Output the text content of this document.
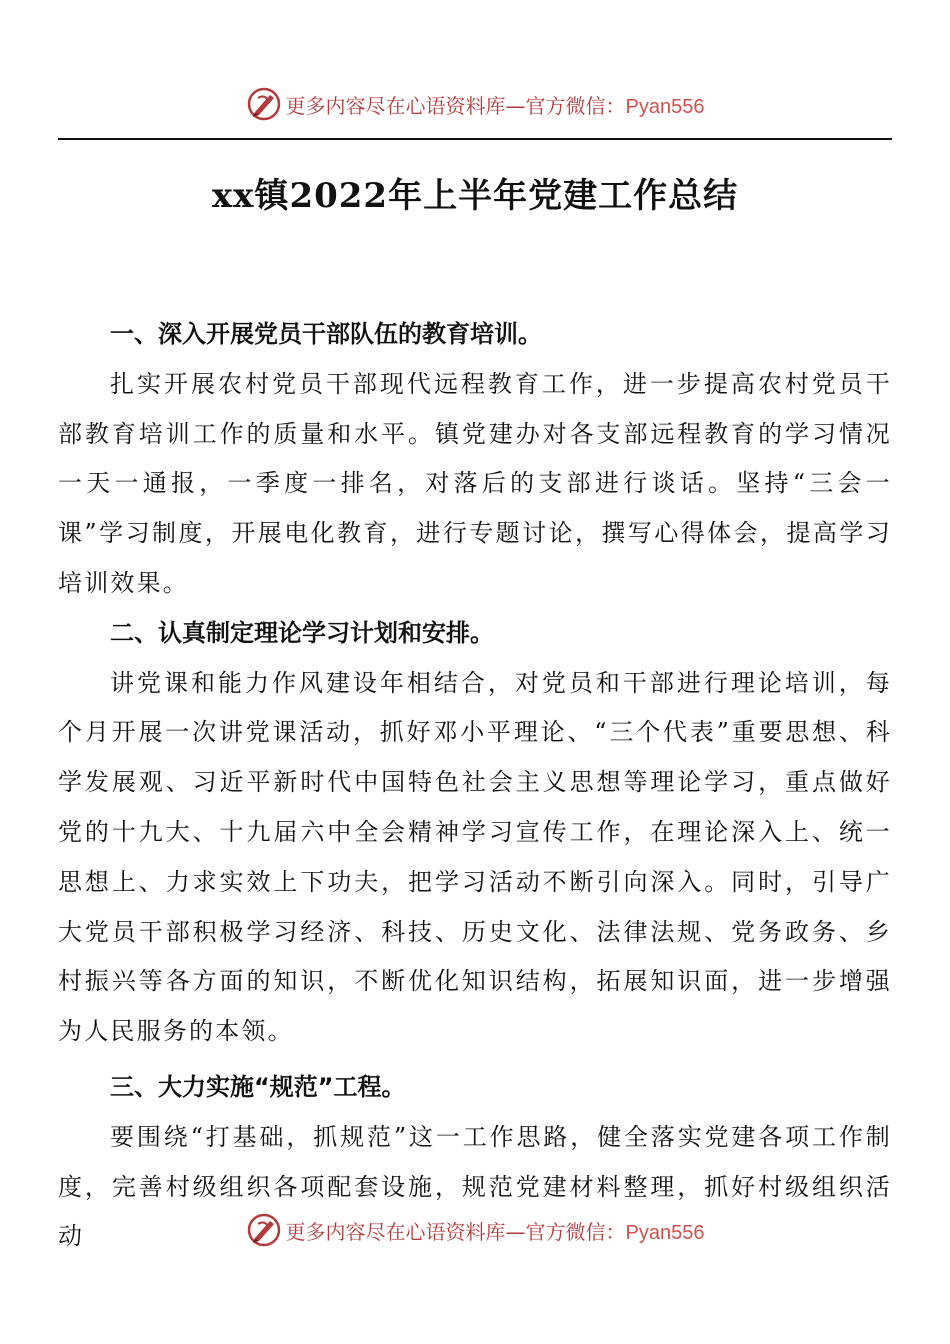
更多内容尽在心语资料库—官方微信：Pyan556
xx镇2022年上半年党建工作总结

一、深入开展党员干部队伍的教育培训。

扎实开展农村党员干部现代远程教育工作，进一步提高农村党员干部教育培训工作的质量和水平。镇党建办对各支部远程教育的学习情况一天一通报，一季度一排名，对落后的支部进行谈话。坚持“三会一课”学习制度，开展电化教育，进行专题讨论，撰写心得体会，提高学习培训效果。

二、认真制定理论学习计划和安排。

讲党课和能力作风建设年相结合，对党员和干部进行理论培训，每个月开展一次讲党课活动，抓好邓小平理论、“三个代表”重要思想、科学发展观、习近平新时代中国特色社会主义思想等理论学习，重点做好党的十九大、十九届六中全会精神学习宣传工作，在理论深入上、统一思想上、力求实效上下功夫，把学习活动不断引向深入。同时，引导广大党员干部积极学习经济、科技、历史文化、法律法规、党务政务、乡村振兴等各方面的知识，不断优化知识结构，拓展知识面，进一步增强为人民服务的本领。

三、大力实施“规范”工程。

要围绕“打基础，抓规范”这一工作思路，健全落实党建各项工作制度，完善村级组织各项配套设施，规范党建材料整理，抓好村级组织活动	更多内容尽在心语资料库—官方微信：Pyan556
